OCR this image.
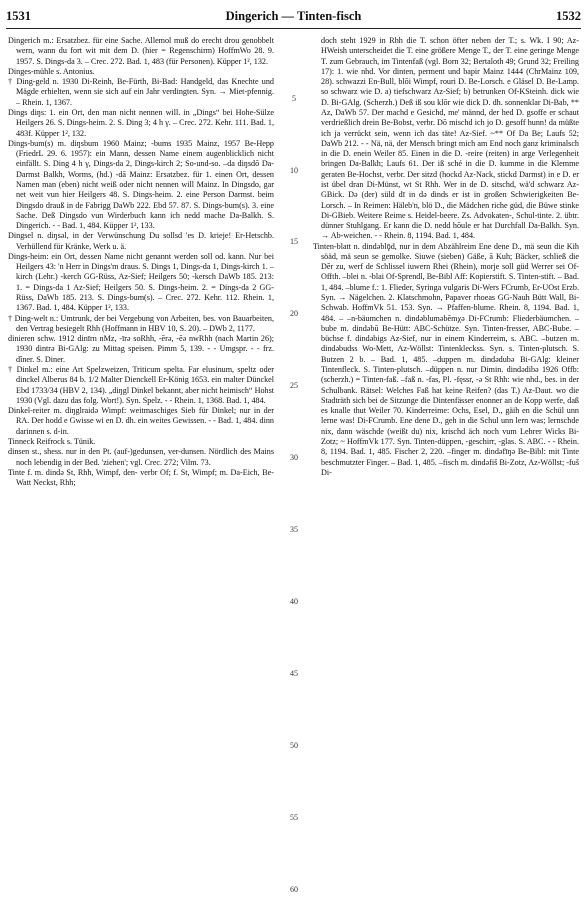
1531	Dingerich — Tinten-fisch	1532

Dingerich m.: Ersatzbez. für eine Sache. Allemol muß do erecht drou genobbelt wern, wann du fort wit mit dem D. (hier = Regenschirm) HoffmWo 28. 9. 1957. S. Dings-da 3. – Crec. 272. Bad. 1, 483 (für Personen). Küpper 1², 132.

Dinges-mühle s. Antonius.

† Ding-geld n. 1930 Di-Reinh, Be-Fürth, Bi-Bad: Handgeld, das Knechte und Mägde erhielten, wenn sie sich auf ein Jahr verdingten. Syn. → Miet-pfennig. – Rhein. 1, 1367.

Dings diŋs: 1. ein Ort, den man nicht nennen will. in „Dings“ bei Hohe-Sülze Heilgers 26. S. Dings-heim. 2. S. Ding 3; 4 h γ. – Crec. 272. Kehr. 111. Bad. 1, 483f. Küpper 1², 132.

Dings-bum(s) m. diŋsbum 1960 Mainz; -bums 1935 Mainz, 1957 Be-Hepp (FriedrL 29. 6. 1957): ein Mann, dessen Name einem augenblicklich nicht einfällt. S. Ding 4 h γ, Dings-da 2, Dings-kirch 2; So-und-so. –da diŋsdō Da-Darmst Balkh, Worms, (hd.) -dā Mainz: Ersatzbez. für 1. einen Ort, dessen Namen man (eben) nicht weiß oder nicht nennen will Mainz. In Dingsdo, gar net weit vun hier Heilgers 48. S. Dings-heim. 2. eine Person Darmst. beim Dingsdo drauß in de Fabrigg DaWb 222. Ebd 57. 87. S. Dings-bum(s). 3. eine Sache. Deß Dingsdo vun Wirderbuch kann ich nedd mache Da-Balkh. S. Dingerich. - - Bad. 1, 484. Küpper 1², 133.

Dingsel n. diŋsǝl, in der Verwünschung Du sollsd 'es D. krieje! Er-Hetschb. Verhüllend für Kränke, Werk u. ä.

Dings-heim: ein Ort, dessen Name nicht genannt werden soll od. kann. Nur bei Heilgers 43: 'n Herr in Dings'm draus. S. Dings 1, Dings-da 1, Dings-kirch 1. –kirch (Lehr.) -kerch GG-Rüss, Az-Sief; Heilgers 50; -kersch DaWb 185. 213: 1. = Dings-da 1 Az-Sief; Heilgers 50. S. Dings-heim. 2. = Dings-da 2 GG-Rüss, DaWb 185. 213. S. Dings-bum(s). – Crec. 272. Kehr. 112. Rhein. 1, 1367. Bad. 1, 484. Küpper 1², 133.

† Ding-welt n.: Umtrunk, der bei Vergebung von Arbeiten, bes. von Bauarbeiten, den Vertrag besiegelt Rhh (Hoffmann in HBV 10, S. 20). – DWb 2, 1177.

dinieren schw. 1912 dinīrn nMz, -īrǝ soRhh, -ērǝ, -ēǝ nwRhh (nach Martin 26); 1930 dintrǝ Bi-GAlg: zu Mittag speisen. Pimm 5, 139. - - Umgspr. - - frz. dîner. S. Diner.

† Dinkel m.: eine Art Spelzweizen, Triticum spelta. Far elusinum, speltz oder dinckel Alberus 84 b. 1/2 Malter Dienckell Er-König 1653. ein malter Dünckel Ebd 1733/34 (HBV 2, 134). „diŋgl Dinkel bekannt, aber nicht heimisch“ Hohst 1930 (Vgl. dazu das folg. Wort!). Syn. Spelz. - - Rhein. 1, 1368. Bad. 1, 484.

Dinkel-reiter m. diŋglraidǝ Wimpf: weitmaschiges Sieb für Dinkel; nur in der RA. Der hodd e Gwisse wi en D. dh. ein weites Gewissen. - - Bad. 1, 484. dinn darinnen s. d-in.

Tinneck Reifrock s. Tünik.

dinsen st., shess. nur in den Pt. (auf-)gedunsen, ver-dunsen. Nördlich des Mains noch lebendig in der Bed. 'ziehen'; vgl. Crec. 272; Vilm. 73.

Tinte f. m. dindǝ St, Rhh, Wimpf, den- verbr Of; f. St, Wimpf; m. Da-Eich, Be-Watt Neckst, Rhh;

doch steht 1929 in Rhh die T. schon öfter neben der T.; s. Wk. I 90; Az-HWeish unterscheidet die T. eine größere Menge T., der T. eine geringe Menge T. zum Gebrauch, im Tintenfaß (vgl. Born 32; Bertaloth 49; Grund 32; Freiling 17): 1. wie nhd. Vor dinten, perment und bapir Mainz 1444 (ChrMainz 109, 28). schwazzi En-Bull, blōi Wimpf, rouri D. Be-Lorsch. e Gläsel D. Be-Lamp. so schwarz wie D. a) tiefschwarz Az-Sief; b) betrunken Of-KSteinh. dick wie D. Bi-GAlg. (Scherzh.) Deß iß sou klōr wie dick D. dh. sonnenklar Di-Bab, ** Az, DaWb 57. Der machd e Gesichd, me' männd, der hed D. gsoffe er schaut verdrießlich drein Be-Bobst, verbr. Dō mischd ich jo D. gesoff hunn! da müßte ich ja verrückt sein, wenn ich das täte! Az-Sief. ~** Of Da Be; Laufs 52; DaWb 212. - - Nä, nä, der Mensch bringt mich am End noch ganz kriminalsch in die D. enein Weiler 85. Einen in die D. -reire (reiten) in arge Verlegenheit bringen Da-Balkh; Laufs 61. Der iß sché in die D. kumme in die Klemme geraten Be-Hochst, verbr. Der sitzd (hockd Az-Nack, stickd Darmst) in e D. er ist übel dran Di-Münst, wt St Rhh. Wer in de D. sitschd, wä'd schwarz Az-GBick. Dǝ (der) süld dī in dǝ dinds er ist in großen Schwierigkeiten Be-Lorsch. – In Reimen: Häleb'n, blö D., die Mädchen riche güd, die Büwe stinke Di-GBieb. Weitere Reime s. Heidel-beere. Zs. Advokaten-, Schul-tinte. 2. übtr. dünner Stuhlgang. Er kann die D. nedd hōule er hat Durchfall Da-Balkh. Syn. → Ab-weichen. - - Rhein. 8, 1194. Bad. 1, 484.

Tinten-blatt n. dindǝblǭd, nur in dem Abzählreim Ene dene D., mä seun die Kih söäd, mä seun se gemolke. Siuwe (sieben) Gäße, ā Kuh; Bäcker, schließ die Dēr zu, werf de Schlissel iuwern Rhei (Rhein), morje soll güd Werrer sei Of-Offth. –blei n. -blai Of-Sprendl, Be-Bibl Aff: Kopierstift. S. Tinten-stift. – Bad. 1, 484. –blume f.: 1. Flieder, Syringa vulgaris Di-Wers FCrumb, Er-UOst Erzb. Syn. → Nägelchen. 2. Klatschmohn, Papaver rhoeas GG-Nauh Bütt Wall, Bi-Schwab. HoffmVk 51. 153. Syn. → Pfaffen-blume. Rhein. 8, 1194. Bad. 1, 484. – –n-bäumchen n. dindǝblumǝbēmχǝ Di-FCrumb: Fliederbäumchen. –bube m. dindǝbū Be-Hütt: ABC-Schütze. Syn. Tinten-fresser, ABC-Bube. –büchse f. dindǝbigs Az-Sief, nur in einem Kinderreim, s. ABC. –butzen m. dindǝbudss Wo-Mett, Az-Wöllst: Tintenkleckss. Syn. s. Tinten-plutsch. S. Butzen 2 b. – Bad. 1, 485. –duppen m. dindǝdubǝ Bi-GAlg: kleiner Tintenfleck. S. Tinten-plutsch. –düppen n. nur Dimin. dindǝdibǝ 1926 Offb: (scherzh.) = Tinten-faß. –faß n. -fas, Pl. -fęssr, -ǝ St Rhh: wie nhd., bes. in der Schulbank. Rätsel: Welches Faß hat keine Reifen? (das T.) Az-Daut. wo die Stadträth sich bei de Sitzunge die Dintenfässer enonner an de Kopp werfe, daß es knalle thut Weiler 70. Kinderreime: Ochs, Esel, D., gäih en die Schül unn lerne was! Di-FCrumb. Ene dene D., geh in die Schul unn lern was; lernschde nix, dann wäschde (weißt du) nix, krischd äch noch vum Lehrer Wicks Bi-Zotz; ~ HoffmVk 177. Syn. Tinten-düppen, -geschirr, -glas. S. ABC. - - Rhein. 8, 1194. Bad. 1, 485. Fischer 2, 220. –finger m. dindǝfīŋǝ Be-Bibl: mit Tinte beschmutzter Finger. – Bad. 1, 485. –fisch m. dindǝfiš Bi-Zotz, Az-Wöllst; -fuš Di-

5
10
15
20
25
30
35
40
45
50
55
60
